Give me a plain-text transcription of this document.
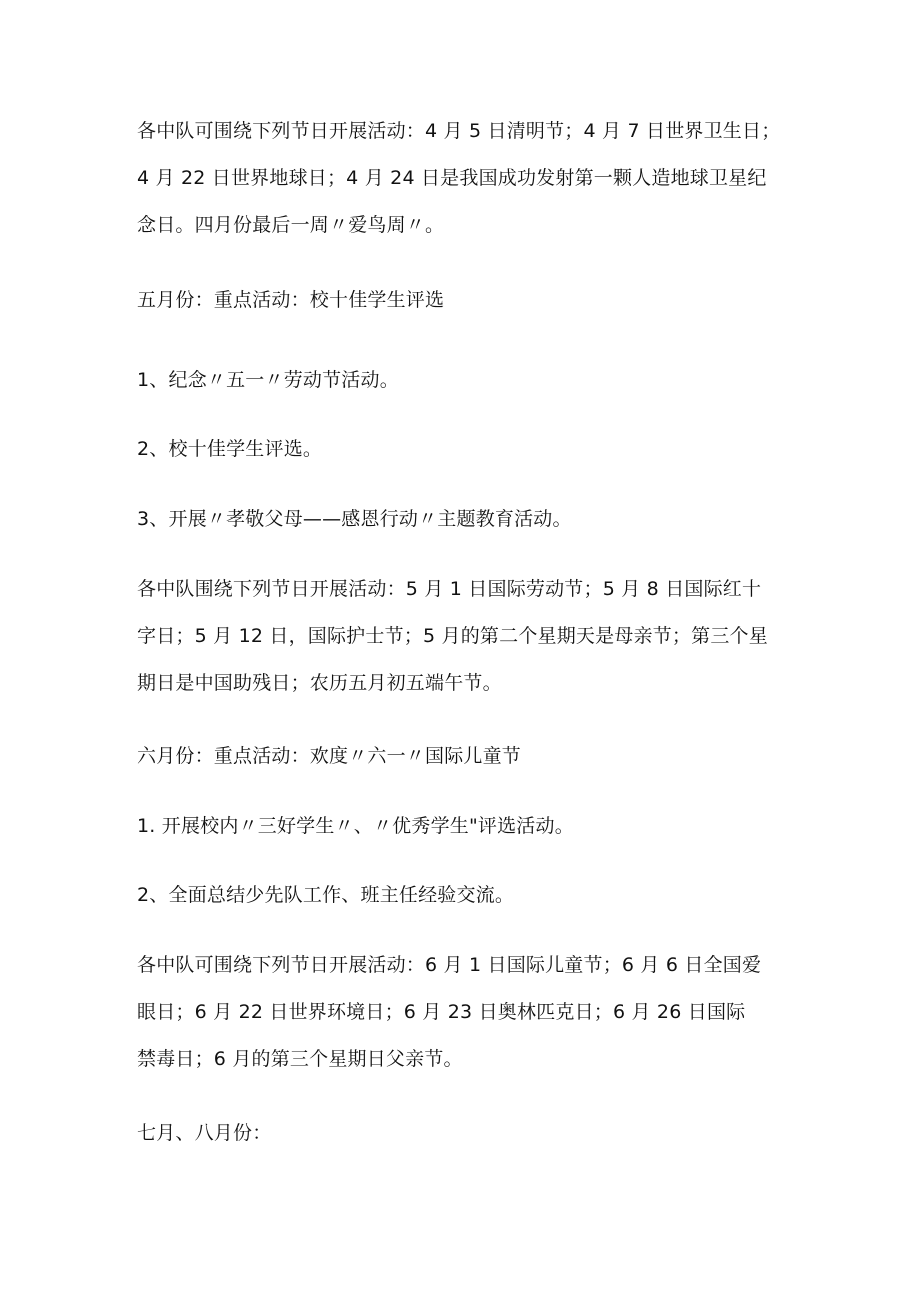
各中队可围绕下列节日开展活动：4 月 5 日清明节；4 月 7 日世界卫生日；
4 月 22 日世界地球日；4 月 24 日是我国成功发射第一颗人造地球卫星纪
念日。四月份最后一周〃爱鸟周〃。

五月份：重点活动：校十佳学生评选

1、纪念〃五一〃劳动节活动。

2、校十佳学生评选。

3、开展〃孝敬父母——感恩行动〃主题教育活动。

各中队围绕下列节日开展活动：5 月 1 日国际劳动节；5 月 8 日国际红十
字日；5 月 12 日，国际护士节；5 月的第二个星期天是母亲节；第三个星
期日是中国助残日；农历五月初五端午节。

六月份：重点活动：欢度〃六一〃国际儿童节

1. 开展校内〃三好学生〃、〃优秀学生"评选活动。

2、全面总结少先队工作、班主任经验交流。

各中队可围绕下列节日开展活动：6 月 1 日国际儿童节；6 月 6 日全国爱
眼日；6 月 22 日世界环境日；6 月 23 日奥林匹克日；6 月 26 日国际
禁毒日；6 月的第三个星期日父亲节。

七月、八月份：
